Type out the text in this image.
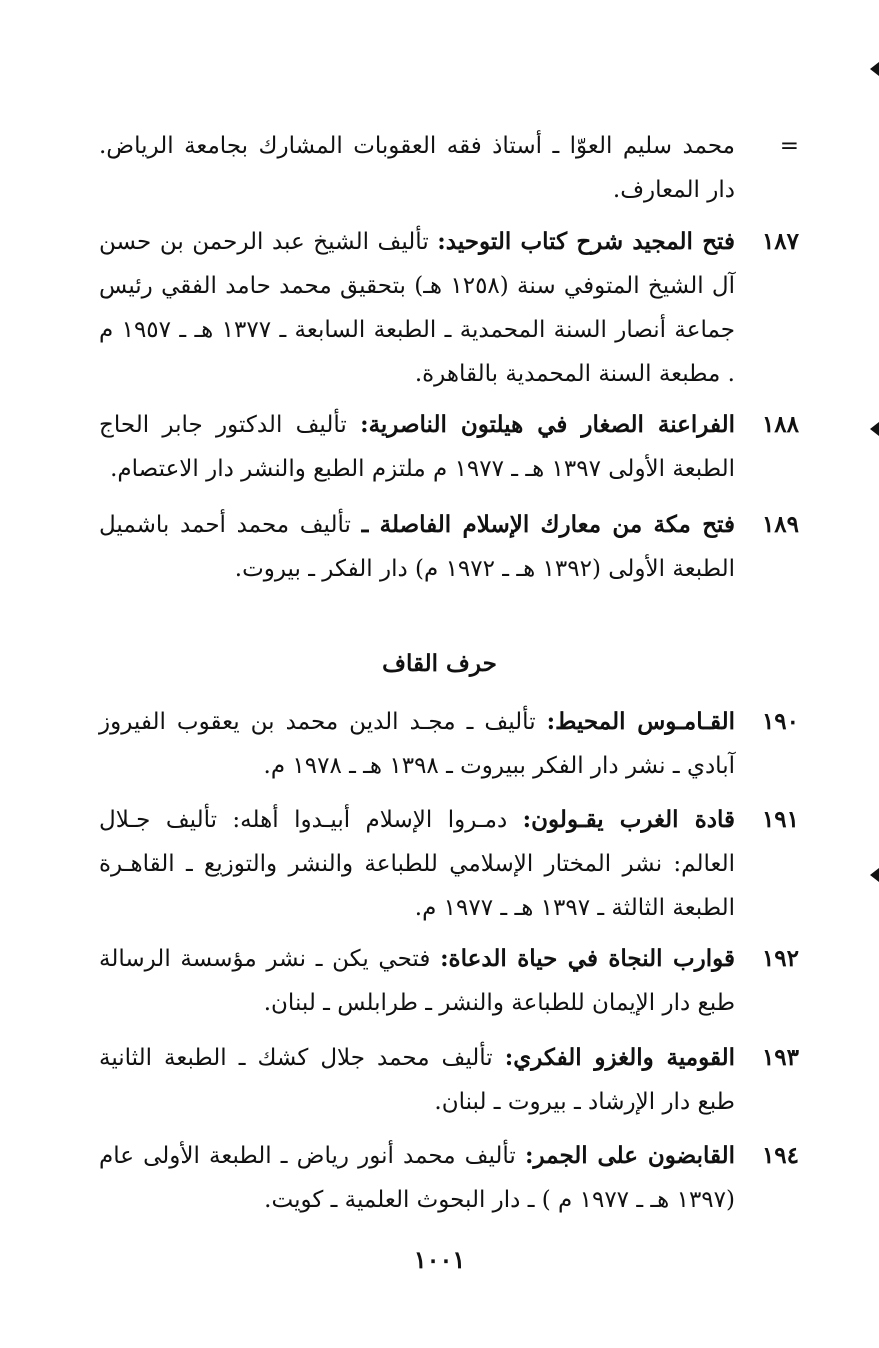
=
محمد سليم العوّا ـ أستاذ فقه العقوبات المشارك بجامعة الرياض. دار المعارف.
١٨٧
فتح المجيد شرح كتاب التوحيد: تأليف الشيخ عبد الرحمن بن حسن آل الشيخ المتوفي سنة (١٢٥٨ هـ) بتحقيق محمد حامد الفقي رئيس جماعة أنصار السنة المحمدية ـ الطبعة السابعة ـ ١٣٧٧ هـ ـ ١٩٥٧ م . مطبعة السنة المحمدية بالقاهرة.
١٨٨
الفراعنة الصغار في هيلتون الناصرية: تأليف الدكتور جابر الحاج الطبعة الأولى ١٣٩٧ هـ ـ ١٩٧٧ م ملتزم الطبع والنشر دار الاعتصام.
١٨٩
فتح مكة من معارك الإسلام الفاصلة ـ تأليف محمد أحمد باشميل الطبعة الأولى (١٣٩٢ هـ ـ ١٩٧٢ م) دار الفكر ـ بيروت.
حرف القاف
١٩٠
القـامـوس المحيط: تأليف ـ مجـد الدين محمد بن يعقوب الفيروز آبادي ـ نشر دار الفكر ببيروت ـ ١٣٩٨ هـ ـ ١٩٧٨ م.
١٩١
قادة الغرب يقـولون: دمـروا الإسلام أبيـدوا أهله: تأليف جـلال العالم: نشر المختار الإسلامي للطباعة والنشر والتوزيع ـ القاهـرة الطبعة الثالثة ـ ١٣٩٧ هـ ـ ١٩٧٧ م.
١٩٢
قوارب النجاة في حياة الدعاة: فتحي يكن ـ نشر مؤسسة الرسالة طبع دار الإيمان للطباعة والنشر ـ طرابلس ـ لبنان.
١٩٣
القومية والغزو الفكري: تأليف محمد جلال كشك ـ الطبعة الثانية طبع دار الإرشاد ـ بيروت ـ لبنان.
١٩٤
القابضون على الجمر: تأليف محمد أنور رياض ـ الطبعة الأولى عام (١٣٩٧ هـ ـ ١٩٧٧ م ) ـ دار البحوث العلمية ـ كويت.
١٠٠١
